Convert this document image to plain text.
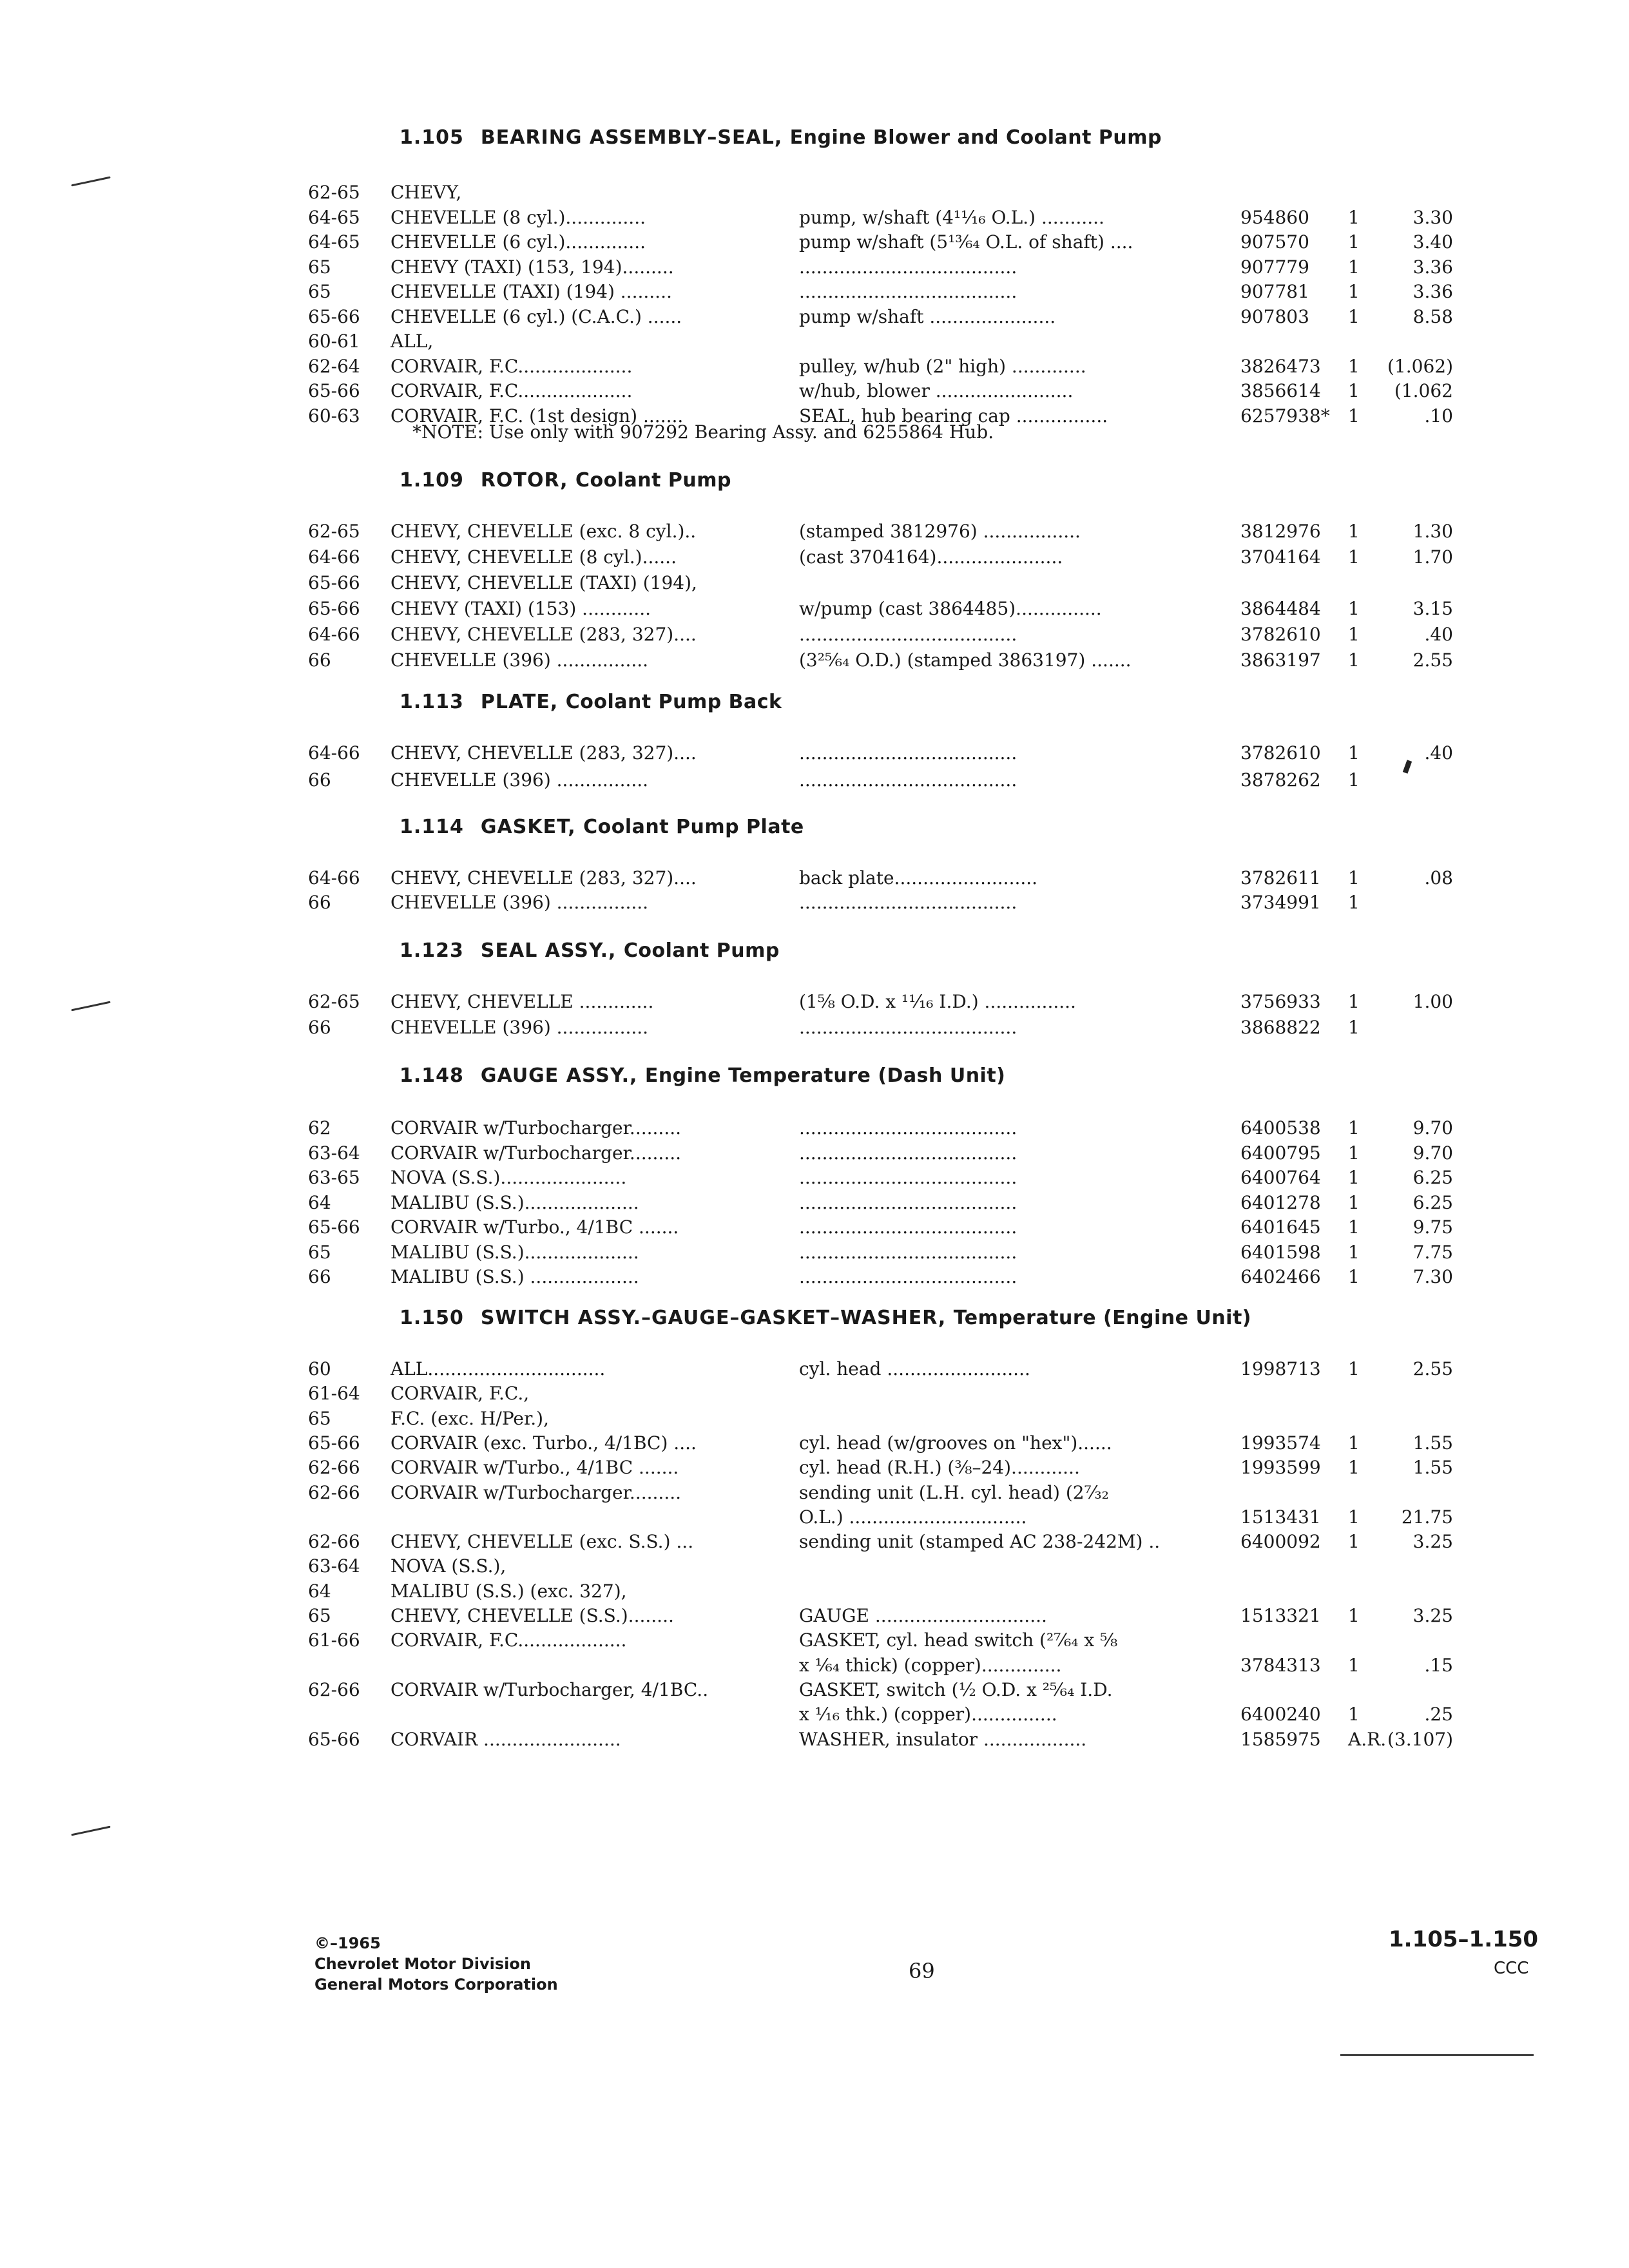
1.105 BEARING ASSEMBLY–SEAL, Engine Blower and Coolant Pump
62-65 CHEVY,
64-65 CHEVELLE (8 cyl.)..............	pump, w/shaft (4¹¹⁄₁₆ O.L.) ...........	954860 1	3.30
64-65 CHEVELLE (6 cyl.)..............	pump w/shaft (5¹³⁄₆₄ O.L. of shaft) ....	907570 1	3.40
65	CHEVY (TAXI) (153, 194).........	......................................	907779 1	3.36
65	CHEVELLE (TAXI) (194) .........	......................................	907781 1	3.36
65-66 CHEVELLE (6 cyl.) (C.A.C.) ......	pump w/shaft ......................	907803 1	8.58
60-61 ALL,
62-64 CORVAIR, F.C....................	pulley, w/hub (2" high) .............	3826473 1 (1.062)
65-66 CORVAIR, F.C....................	w/hub, blower ........................	3856614 1 (1.062
60-63 CORVAIR, F.C. (1st design) .......	SEAL, hub bearing cap ................	6257938* 1	.10
1.109 ROTOR, Coolant Pump
62-65 CHEVY, CHEVELLE (exc. 8 cyl.)..	(stamped 3812976) .................	3812976 1	1.30
64-66 CHEVY, CHEVELLE (8 cyl.)......	(cast 3704164)......................	3704164 1	1.70
65-66 CHEVY, CHEVELLE (TAXI) (194),
65-66 CHEVY (TAXI) (153) ............	w/pump (cast 3864485)...............	3864484 1	3.15
64-66 CHEVY, CHEVELLE (283, 327)....	......................................	3782610 1	.40
66	CHEVELLE (396) ................	(3²⁵⁄₆₄ O.D.) (stamped 3863197) .......	3863197 1	2.55
1.113 PLATE, Coolant Pump Back
64-66 CHEVY, CHEVELLE (283, 327)....	......................................	3782610 1	.40
66	CHEVELLE (396) ................	......................................	3878262 1
1.114 GASKET, Coolant Pump Plate
64-66 CHEVY, CHEVELLE (283, 327)....	back plate.........................	3782611 1	.08
66	CHEVELLE (396) ................	......................................	3734991 1
1.123 SEAL ASSY., Coolant Pump
62-65 CHEVY, CHEVELLE .............	(1⅝ O.D. x ¹¹⁄₁₆ I.D.) ................	3756933 1	1.00
66	CHEVELLE (396) ................	......................................	3868822 1
1.148 GAUGE ASSY., Engine Temperature (Dash Unit)
62	CORVAIR w/Turbocharger.........	......................................	6400538 1	9.70
63-64 CORVAIR w/Turbocharger.........	......................................	6400795 1	9.70
63-65 NOVA (S.S.)......................	......................................	6400764 1	6.25
64	MALIBU (S.S.)....................	......................................	6401278 1	6.25
65-66 CORVAIR w/Turbo., 4/1BC .......	......................................	6401645 1	9.75
65	MALIBU (S.S.)....................	......................................	6401598 1	7.75
66	MALIBU (S.S.) ...................	......................................	6402466 1	7.30
1.150 SWITCH ASSY.–GAUGE–GASKET–WASHER, Temperature (Engine Unit)
60	ALL...............................	cyl. head .........................	1998713 1	2.55
61-64 CORVAIR, F.C.,
65	F.C. (exc. H/Per.),
65-66 CORVAIR (exc. Turbo., 4/1BC) ....	cyl. head (w/grooves on "hex")......	1993574 1	1.55
62-66 CORVAIR w/Turbo., 4/1BC .......	cyl. head (R.H.) (⅜–24)............	1993599 1	1.55
62-66 CORVAIR w/Turbocharger.........	sending unit (L.H. cyl. head) (2⁷⁄₃₂
O.L.) ...............................	1513431 1 21.75
62-66 CHEVY, CHEVELLE (exc. S.S.) ...	sending unit (stamped AC 238-242M) ..	6400092 1	3.25
63-64 NOVA (S.S.),
64	MALIBU (S.S.) (exc. 327),
65	CHEVY, CHEVELLE (S.S.)........	GAUGE ..............................	1513321 1	3.25
61-66 CORVAIR, F.C...................	GASKET, cyl. head switch (²⁷⁄₆₄ x ⅝
x ¹⁄₆₄ thick) (copper)..............	3784313 1	.15
62-66 CORVAIR w/Turbocharger, 4/1BC..	GASKET, switch (½ O.D. x ²⁵⁄₆₄ I.D.
x ¹⁄₁₆ thk.) (copper)...............	6400240 1	.25
65-66 CORVAIR ........................	WASHER, insulator ..................	1585975 A.R. (3.107)
*NOTE: Use only with 907292 Bearing Assy. and 6255864 Hub.
©–1965
Chevrolet Motor Division
General Motors Corporation
69
1.105–1.150
CCC
